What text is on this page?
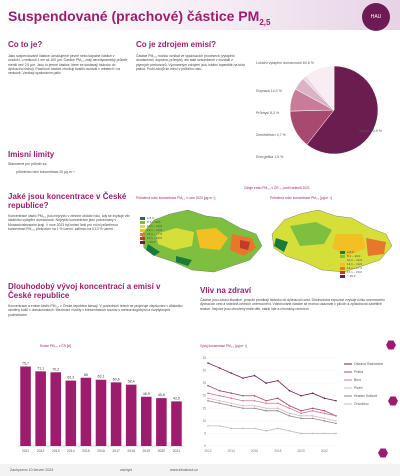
Suspendované (prachové) částice $PM_{2,5}$
HAU
Co to je?
Jako suspendované částice označujeme pevné nebo kapalné částice v ovzduší, o velikosti 1 nm až 100 μm. Částice PM₂,₅ mají aerodynamický průměr menší než 2,5 μm. Jsou to jemné částice, které se dostávají hluboko do dýchacího ústrojí. Prachové částice zhoršují kvalitu ovzduší v městech i na venkově. Vznikají spalováním paliv.
Imisní limity
Stanovené pro průměr za:
průměrná roční koncentrace 20 μg.m⁻³
Jaké jsou koncentrace v České republice?
Koncentrace částic PM₂,₅ jsou nejvyšší v zimním období roku, kdy se zvyšuje vliv lokálního vytápění domácností. Nejvyšší koncentrace jsou pozorovány v Moravskoslezském kraji. V roce 2023 byl imisní limit pro roční průměrnou koncentraci PM₂,₅ překročen na 1 % území, zatímco na 0,13 % území.
Dlouhodobý vývoj koncentrací a emisí v České republice
Koncentrace a emise částic PM₂,₅ v České republice klesají. V posledních letech se projevuje zlepšování v důsledku obměny kotlů v domácnostech. Meziroční rozdíly v koncentracích souvisí s meteorologickými a rozptylovými podmínkami.
Co je zdrojem emisí?
Částice PM₂,₅ mohou vznikat ve spalovacích procesech (vytápění domácností, doprava, průmysl), ale také sekundárně v ovzduší z plynných prekurzorů. Významným zdrojem jsou lokální topeniště na tuhá paliva. Podíl zdrojů se mění v průběhu roku.
Lokální vytápění domácností 60,6 %
Doprava 14,0 %
Průmysl 8,3 %
Zemědělství 4,7 %
Energetika 1,5 %
Ostatní 10,9 %
Zdroje emisí PM₂,₅ v ČR — podíl sektorů 2021
Průměrná roční koncentrace PM₂,₅ v roce 2023 [μg.m⁻³]
≤ 8,0
8,1 – 10,0
10,1 – 12,0
12,1 – 14,0
14,1 – 17,0
17,1 – 20,0
> 20,0
Průměrná roční koncentrace PM₂,₅ [μg.m⁻³]
≤ 8,0
8,1 – 10,0
10,1 – 12,0
12,1 – 14,0
14,1 – 17,0
17,1 – 20,0
> 20,0
Vliv na zdraví
Částice jsou zdraví škodlivé, protože pronikají hluboko do dýchacích cest. Dlouhodobá expozice zvyšuje riziko onemocnění dýchacích cest a srdečně-cévních onemocnění. Vdechované částice se mohou usazovat v plicích a způsobovat zánětlivé reakce. Nejvíce jsou ohroženy malé děti, starší lidé a chronicky nemocní.
Emise PM₂,₅ v ČR [kt]
75,7
2011
71,1
2012
70,2
2013
62,3
2014
65
2015
63,1
2016
60,6
2017
58,4
2018
46,9
2019
45,6
2020
42,5
2021
Vývoj koncentrací PM₂,₅ [μg.m⁻³]
0
5
10
15
20
25
30
35
2012	2014	2016	2018	2020	2022
Ostrava-Radvanice
Praha
Brno
Plzeň
Hradec Králové
Churáňov
Zachyceno 10 červen 2024	zachyni	www.infoabout.cz
